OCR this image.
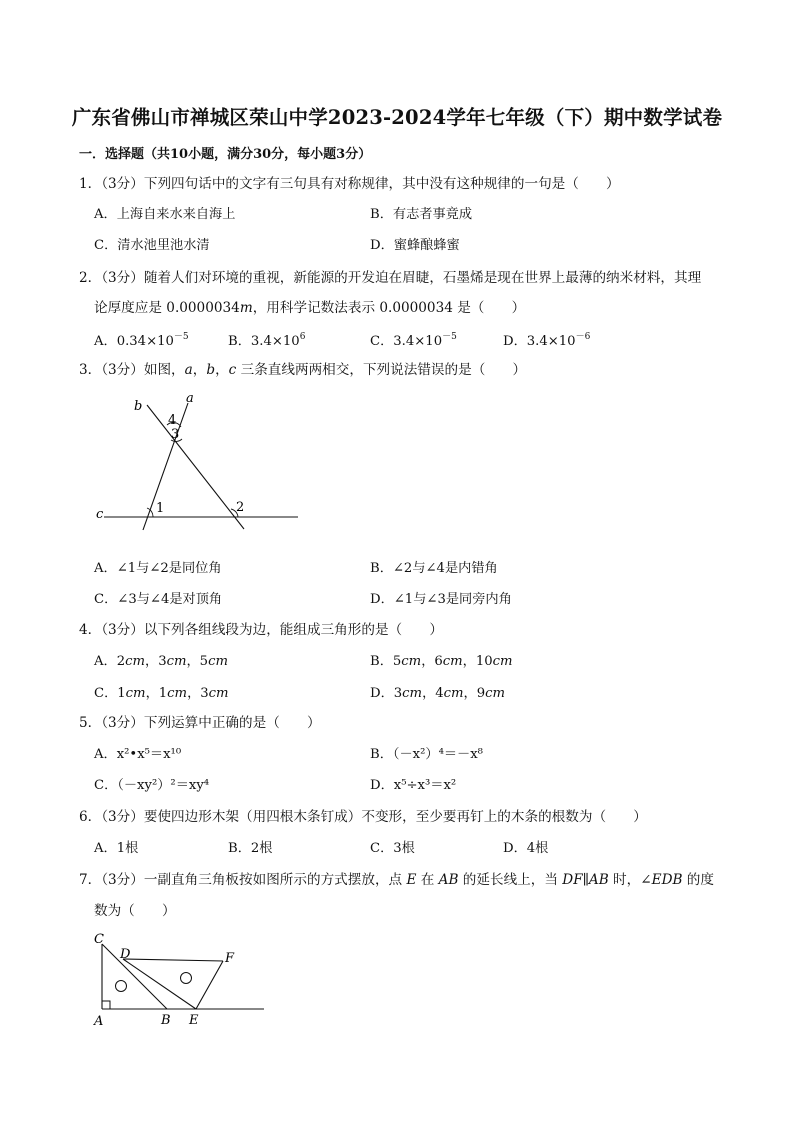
广东省佛山市禅城区荣山中学2023-2024学年七年级（下）期中数学试卷
一．选择题（共10小题，满分30分，每小题3分）
1．（3分）下列四句话中的文字有三句具有对称规律，其中没有这种规律的一句是（　　）
A．上海自来水来自海上	B．有志者事竟成
C．清水池里池水清	D．蜜蜂酿蜂蜜
2．（3分）随着人们对环境的重视，新能源的开发迫在眉睫，石墨烯是现在世界上最薄的纳米材料，其理
论厚度应是 0.0000034m，用科学记数法表示 0.0000034 是（　　）
A．$0.34\times 10^{-5}$	B．$3.4\times 10^6$	C．$3.4\times 10^{-5}$	D．$3.4\times 10^{-6}$
3．（3分）如图，a，b，c 三条直线两两相交，下列说法错误的是（　　）
b
a
c
4
3
1	2
A．∠1与∠2是同位角	B．∠2与∠4是内错角
C．∠3与∠4是对顶角	D．∠1与∠3是同旁内角
4．（3分）以下列各组线段为边，能组成三角形的是（　　）
A．2cm，3cm，5cm	B．5cm，6cm，10cm
C．1cm，1cm，3cm	D．3cm，4cm，9cm
5．（3分）下列运算中正确的是（　　）
A．x²•x⁵＝x¹⁰	B．（－x²）⁴＝－x⁸
C．（－xy²）²＝xy⁴	D．x⁵÷x³＝x²
6．（3分）要使四边形木架（用四根木条钉成）不变形，至少要再钉上的木条的根数为（　　）
A．1根	B．2根	C．3根	D．4根
7．（3分）一副直角三角板按如图所示的方式摆放，点 E 在 AB 的延长线上，当 DF∥AB 时，∠EDB 的度
数为（　　）
C
D	F
A	B E
